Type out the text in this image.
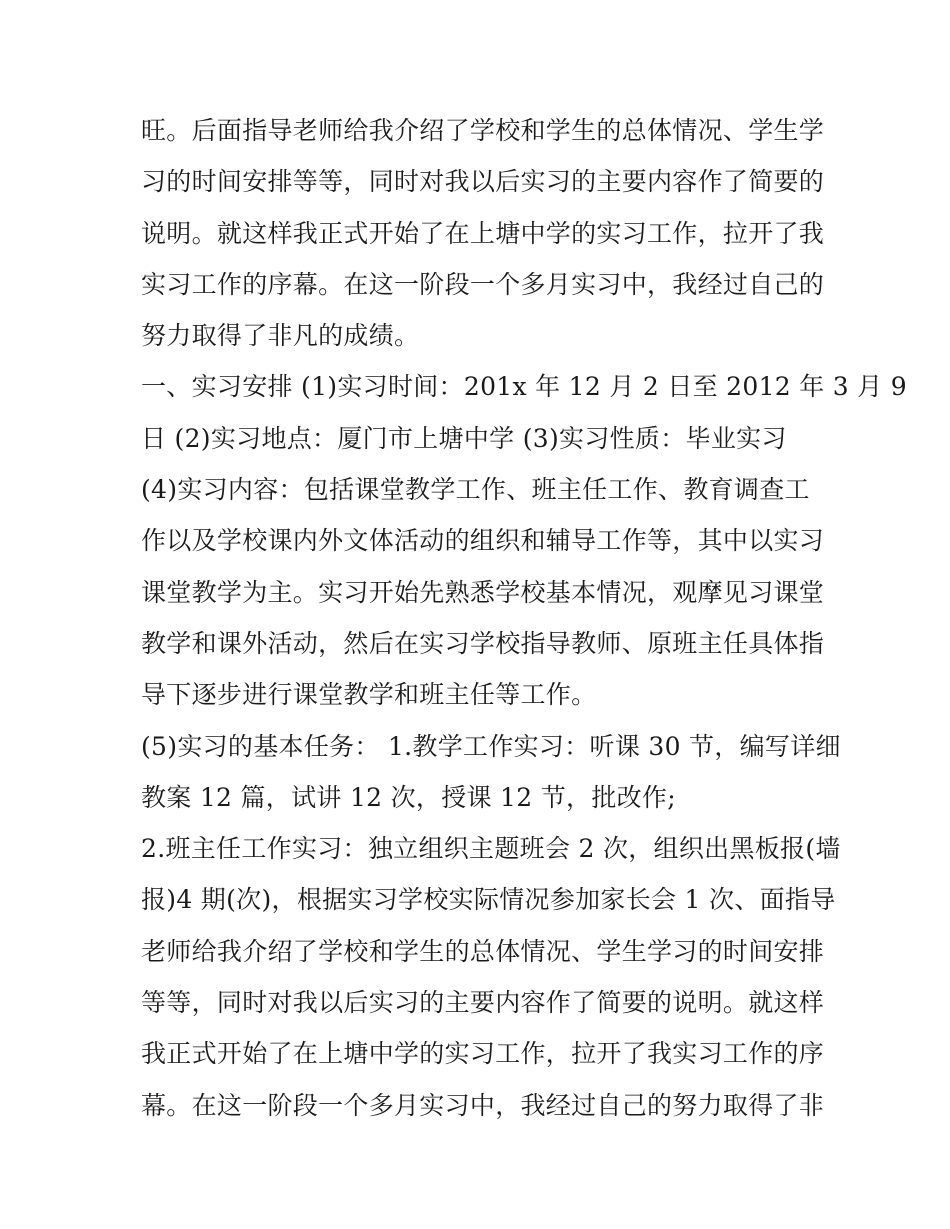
旺。后面指导老师给我介绍了学校和学生的总体情况、学生学
习的时间安排等等，同时对我以后实习的主要内容作了简要的
说明。就这样我正式开始了在上塘中学的实习工作，拉开了我
实习工作的序幕。在这一阶段一个多月实习中，我经过自己的
努力取得了非凡的成绩。
一、实习安排 (1)实习时间：201x 年 12 月 2 日至 2012 年 3 月 9
日 (2)实习地点：厦门市上塘中学 (3)实习性质：毕业实习
(4)实习内容：包括课堂教学工作、班主任工作、教育调查工
作以及学校课内外文体活动的组织和辅导工作等，其中以实习
课堂教学为主。实习开始先熟悉学校基本情况，观摩见习课堂
教学和课外活动，然后在实习学校指导教师、原班主任具体指
导下逐步进行课堂教学和班主任等工作。
(5)实习的基本任务： 1.教学工作实习：听课 30 节，编写详细
教案 12 篇，试讲 12 次，授课 12 节，批改作;
2.班主任工作实习：独立组织主题班会 2 次，组织出黑板报(墙
报)4 期(次)，根据实习学校实际情况参加家长会 1 次、面指导
老师给我介绍了学校和学生的总体情况、学生学习的时间安排
等等，同时对我以后实习的主要内容作了简要的说明。就这样
我正式开始了在上塘中学的实习工作，拉开了我实习工作的序
幕。在这一阶段一个多月实习中，我经过自己的努力取得了非
